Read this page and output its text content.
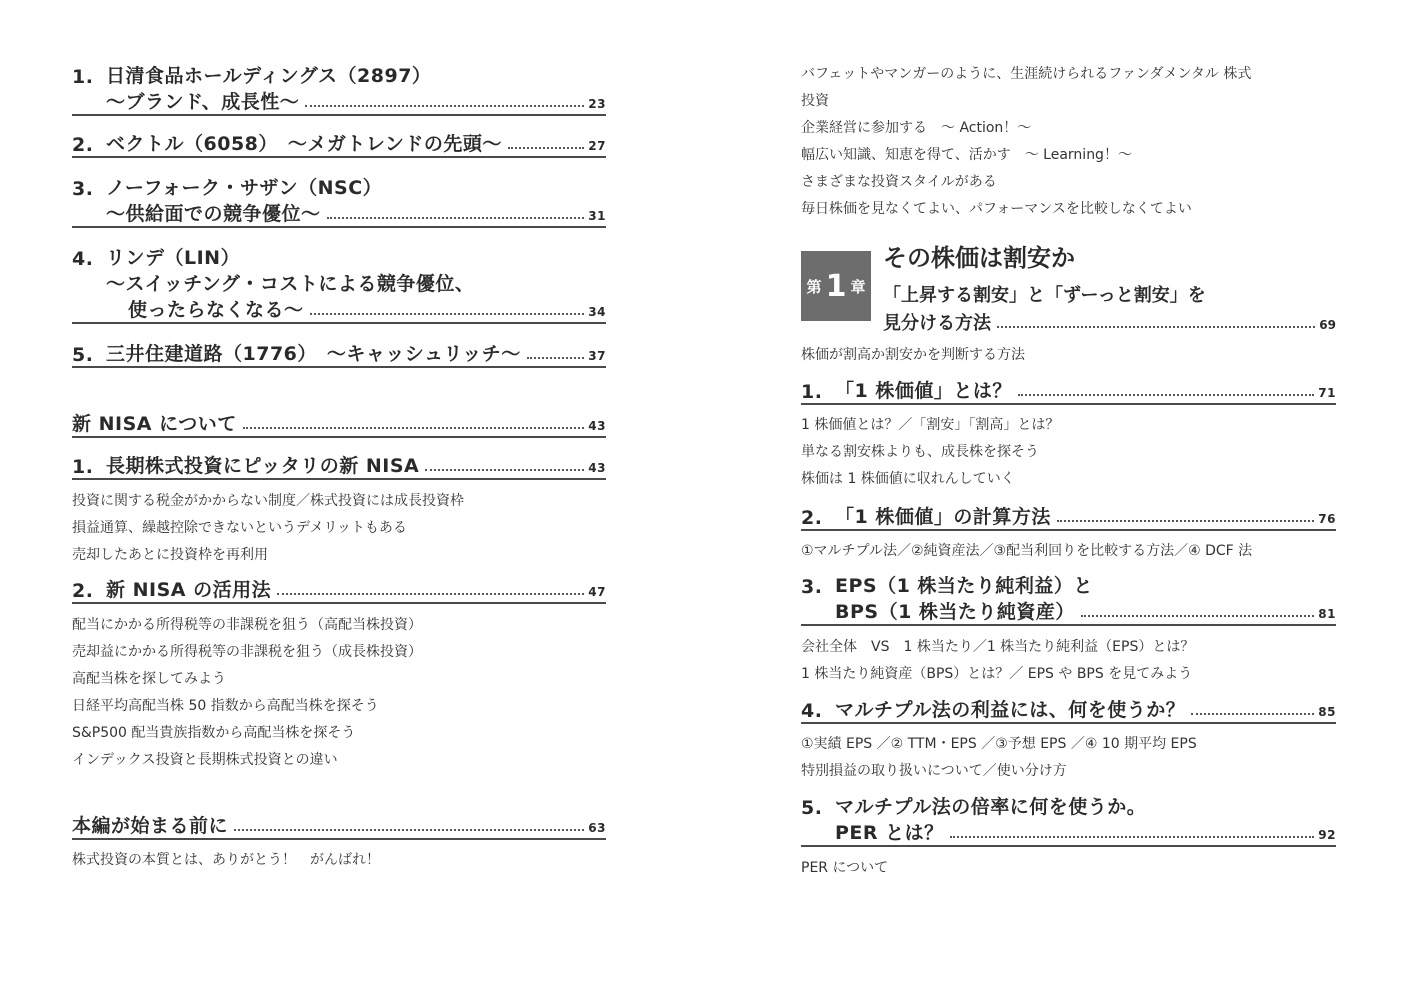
1. 日清食品ホールディングス（2897）
～ブランド、成長性～	23
2. ベクトル（6058）　～メガトレンドの先頭～	27
3. ノーフォーク・サザン（NSC）
～供給面での競争優位～	31
4. リンデ（LIN）
～スイッチング・コストによる競争優位、
使ったらなくなる～	34
5. 三井住建道路（1776）　～キャッシュリッチ～	37
新 NISA について	43
1. 長期株式投資にピッタリの新 NISA	43
投資に関する税金がかからない制度／株式投資には成長投資枠
損益通算、繰越控除できないというデメリットもある
売却したあとに投資枠を再利用
2. 新 NISA の活用法	47
配当にかかる所得税等の非課税を狙う（高配当株投資）
売却益にかかる所得税等の非課税を狙う（成長株投資）
高配当株を探してみよう
日経平均高配当株 50 指数から高配当株を探そう
S&P500 配当貴族指数から高配当株を探そう
インデックス投資と長期株式投資との違い
本編が始まる前に	63
株式投資の本質とは、ありがとう！　がんばれ！
バフェットやマンガーのように、生涯続けられるファンダメンタル 株式
投資
企業経営に参加する　～ Action！～
幅広い知識、知恵を得て、活かす　～ Learning！～
さまざまな投資スタイルがある
毎日株価を見なくてよい、パフォーマンスを比較しなくてよい
第 1 章
その株価は割安か
「上昇する割安」と「ずーっと割安」を
見分ける方法	69
株価が割高か割安かを判断する方法
1. 「1 株価値」とは？	71
1 株価値とは？／「割安」「割高」とは？
単なる割安株よりも、成長株を探そう
株価は 1 株価値に収れんしていく
2. 「1 株価値」の計算方法	76
①マルチプル法／②純資産法／③配当利回りを比較する方法／④ DCF 法
3. EPS（1 株当たり純利益）と
BPS（1 株当たり純資産）	81
会社全体　VS　1 株当たり／1 株当たり純利益（EPS）とは？
1 株当たり純資産（BPS）とは？／ EPS や BPS を見てみよう
4. マルチプル法の利益には、何を使うか？	85
①実績 EPS ／② TTM・EPS ／③予想 EPS ／④ 10 期平均 EPS
特別損益の取り扱いについて／使い分け方
5. マルチプル法の倍率に何を使うか。
PER とは？	92
PER について
